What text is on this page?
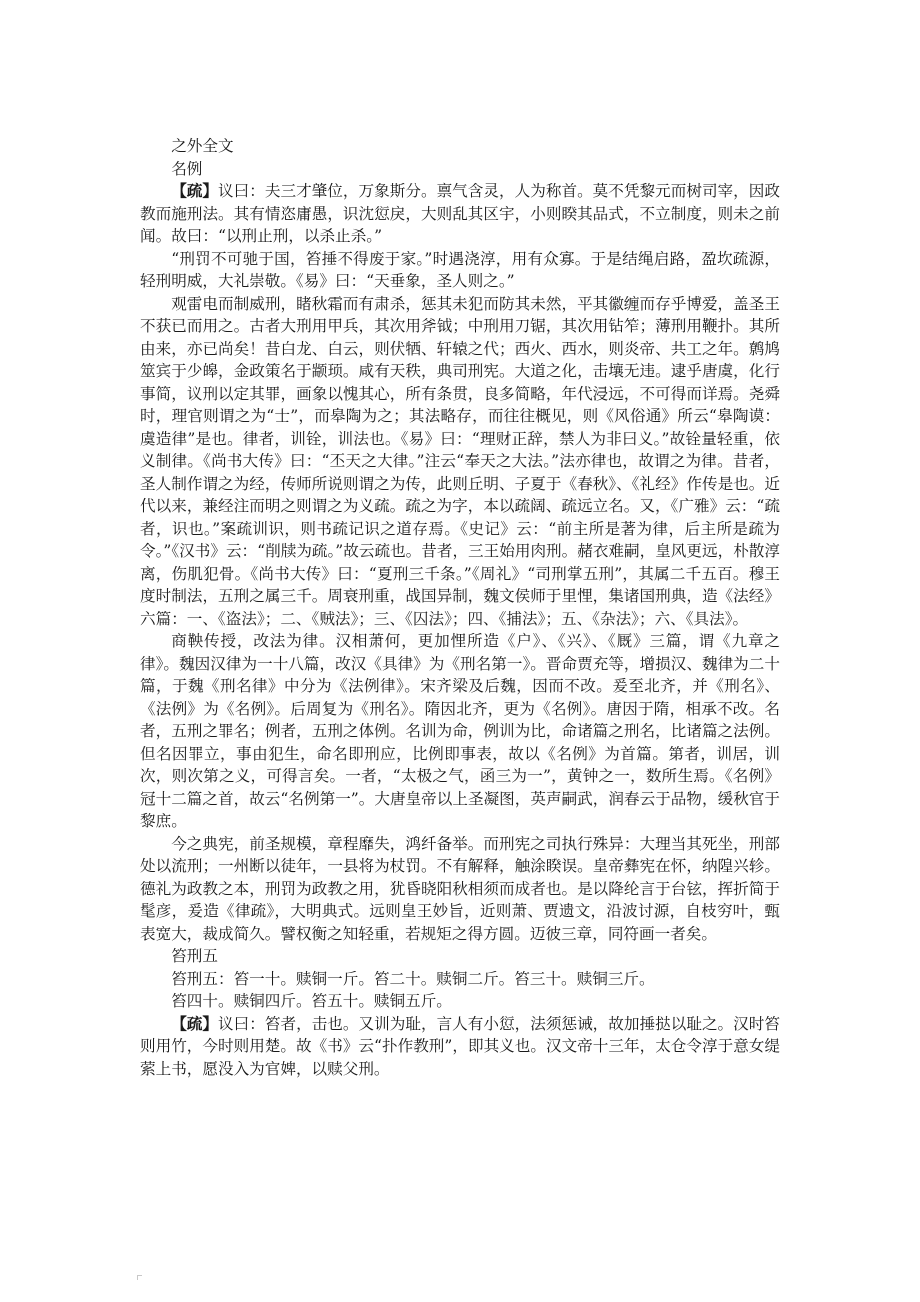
之外全文

名例

【疏】议曰：夫三才肇位，万象斯分。禀气含灵，人为称首。莫不凭黎元而树司宰，因政教而施刑法。其有情恣庸愚，识沈愆戾，大则乱其区宇，小则睽其品式，不立制度，则未之前闻。故曰：“以刑止刑，以杀止杀。”

“刑罚不可驰于国，笞捶不得废于家。”时遇浇淳，用有众寡。于是结绳启路，盈坎疏源，轻刑明威，大礼崇敬。《易》曰：“天垂象，圣人则之。”

观雷电而制威刑，睹秋霜而有肃杀，惩其未犯而防其未然，平其徽缠而存乎博爱，盖圣王不获已而用之。古者大刑用甲兵，其次用斧钺；中刑用刀锯，其次用钻笮；薄刑用鞭扑。其所由来，亦已尚矣！昔白龙、白云，则伏牺、轩辕之代；西火、西水，则炎帝、共工之年。鹩鸠筮宾于少皞，金政策名于颛顼。咸有天秩，典司刑宪。大道之化，击壤无违。逮乎唐虞，化行事简，议刑以定其罪，画象以愧其心，所有条贯，良多简略，年代浸远，不可得而详焉。尧舜时，理官则谓之为“士”，而皋陶为之；其法略存，而往往概见，则《风俗通》所云“皋陶谟：虞造律”是也。律者，训铨，训法也。《易》曰：“理财正辞，禁人为非曰义。”故铨量轻重，依义制律。《尚书大传》曰：“丕天之大律。”注云“奉天之大法。”法亦律也，故谓之为律。昔者，圣人制作谓之为经，传师所说则谓之为传，此则丘明、子夏于《春秋》、《礼经》作传是也。近代以来，兼经注而明之则谓之为义疏。疏之为字，本以疏阔、疏远立名。又，《广雅》云：“疏者，识也。”案疏训识，则书疏记识之道存焉。《史记》云：“前主所是著为律，后主所是疏为令。”《汉书》云：“削牍为疏。”故云疏也。昔者，三王始用肉刑。赭衣难嗣，皇风更远，朴散淳离，伤肌犯骨。《尚书大传》曰：“夏刑三千条。”《周礼》“司刑掌五刑”，其属二千五百。穆王度时制法，五刑之属三千。周衰刑重，战国异制，魏文侯师于里悝，集诸国刑典，造《法经》六篇：一、《盗法》；二、《贼法》；三、《囚法》；四、《捕法》；五、《杂法》；六、《具法》。

商鞅传授，改法为律。汉相萧何，更加悝所造《户》、《兴》、《厩》三篇，谓《九章之律》。魏因汉律为一十八篇，改汉《具律》为《刑名第一》。晋命贾充等，增损汉、魏律为二十篇，于魏《刑名律》中分为《法例律》。宋齐梁及后魏，因而不改。爰至北齐，并《刑名》、《法例》为《名例》。后周复为《刑名》。隋因北齐，更为《名例》。唐因于隋，相承不改。名者，五刑之罪名；例者，五刑之体例。名训为命，例训为比，命诸篇之刑名，比诸篇之法例。但名因罪立，事由犯生，命名即刑应，比例即事表，故以《名例》为首篇。第者，训居，训次，则次第之义，可得言矣。一者，“太极之气，函三为一”，黄钟之一，数所生焉。《名例》冠十二篇之首，故云“名例第一”。大唐皇帝以上圣凝图，英声嗣武，润春云于品物，缓秋官于黎庶。

今之典宪，前圣规模，章程靡失，鸿纤备举。而刑宪之司执行殊异：大理当其死坐，刑部处以流刑；一州断以徒年，一县将为杖罚。不有解释，触涂睽误。皇帝彝宪在怀，纳隍兴轸。德礼为政教之本，刑罚为政教之用，犹昏晓阳秋相须而成者也。是以降纶言于台铉，挥折简于髦彦，爰造《律疏》，大明典式。远则皇王妙旨，近则萧、贾遗文，沿波讨源，自枝穷叶，甄表宽大，裁成简久。譬权衡之知轻重，若规矩之得方圆。迈彼三章，同符画一者矣。

笞刑五

笞刑五：笞一十。赎铜一斤。笞二十。赎铜二斤。笞三十。赎铜三斤。

笞四十。赎铜四斤。笞五十。赎铜五斤。

【疏】议曰：笞者，击也。又训为耻，言人有小愆，法须惩诫，故加捶挞以耻之。汉时笞则用竹，今时则用楚。故《书》云“扑作教刑”，即其义也。汉文帝十三年，太仓令淳于意女缇萦上书，愿没入为官婢，以赎父刑。
